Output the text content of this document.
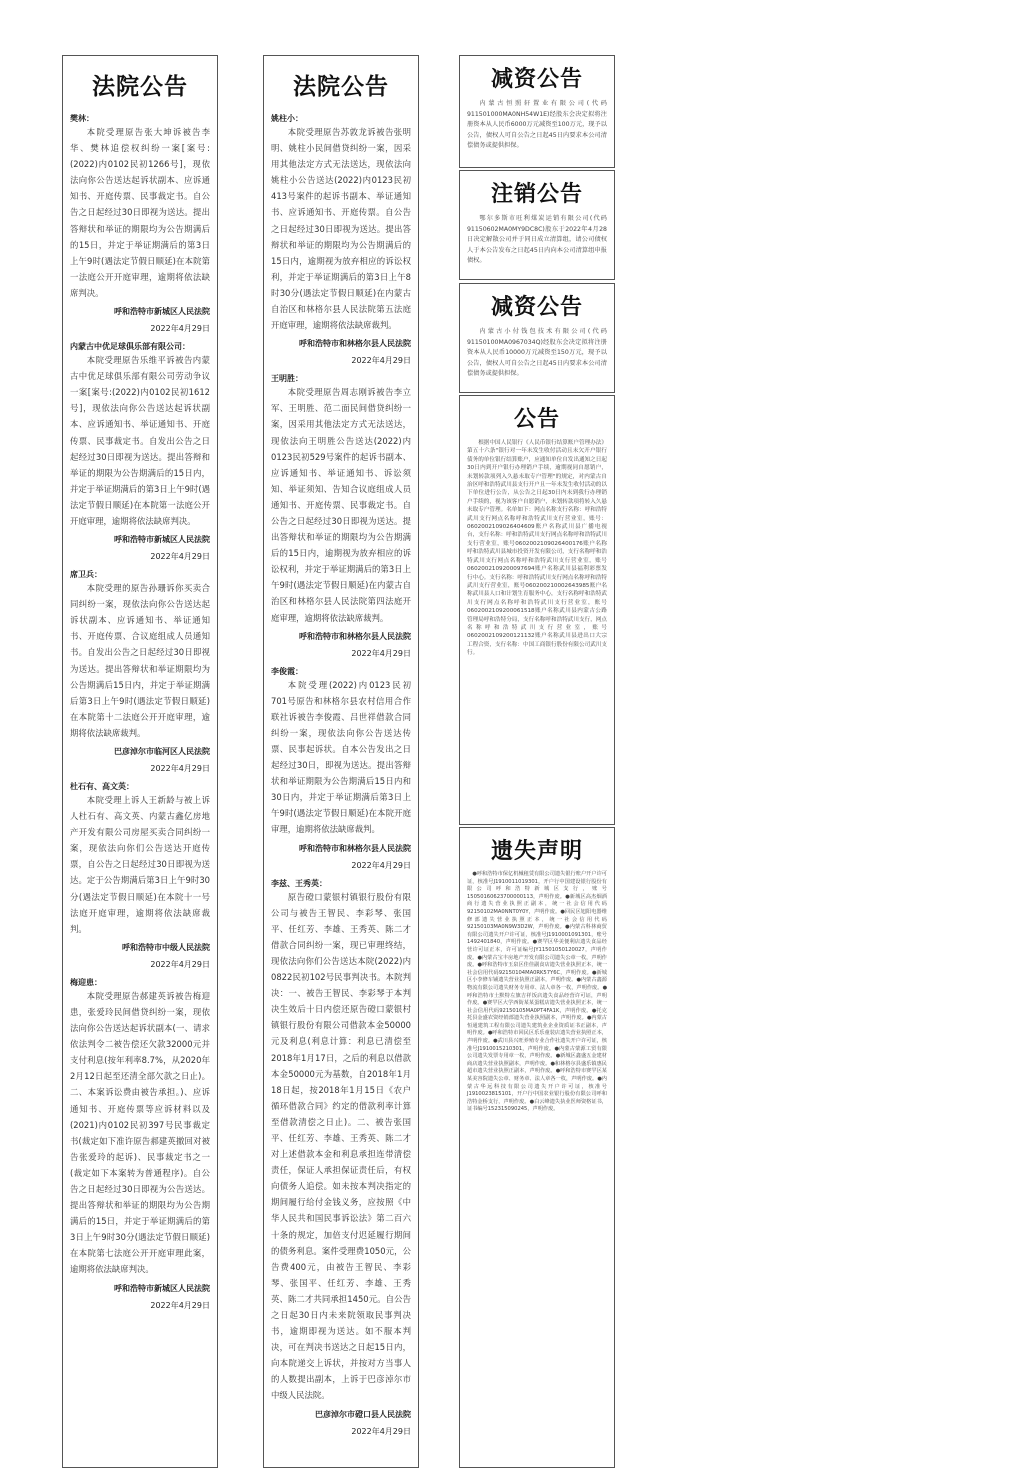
法院公告
樊林：
本院受理原告张大坤诉被告李华、樊林追偿权纠纷一案[案号:(2022)内0102民初1266号]，现依法向你公告送达起诉状副本、应诉通知书、开庭传票、民事裁定书。自公告之日起经过30日即视为送达。提出答辩状和举证的期限均为公告期满后的15日，并定于举证期满后的第3日上午9时(遇法定节假日顺延)在本院第一法庭公开开庭审理，逾期将依法缺席判决。
呼和浩特市新城区人民法院
2022年4月29日
内蒙古中优足球俱乐部有限公司：
本院受理原告乐维平诉被告内蒙古中优足球俱乐部有限公司劳动争议一案[案号:(2022)内0102民初1612号]，现依法向你公告送达起诉状副本、应诉通知书、举证通知书、开庭传票、民事裁定书。自发出公告之日起经过30日即视为送达。提出答辩和举证的期限为公告期满后的15日内，并定于举证期满后的第3日上午9时(遇法定节假日顺延)在本院第一法庭公开开庭审理，逾期将依法缺席判决。
呼和浩特市新城区人民法院
2022年4月29日
席卫兵：
本院受理的原告孙珊诉你买卖合同纠纷一案，现依法向你公告送达起诉状副本、应诉通知书、举证通知书、开庭传票、合议庭组成人员通知书。自发出公告之日起经过30日即视为送达。提出答辩状和举证期限均为公告期满后15日内，并定于举证期满后第3日上午9时(遇法定节假日顺延)在本院第十二法庭公开开庭审理，逾期将依法缺席裁判。
巴彦淖尔市临河区人民法院
2022年4月29日
杜石有、高文英：
本院受理上诉人王新龄与被上诉人杜石有、高文英、内蒙古鑫亿房地产开发有限公司房屋买卖合同纠纷一案，现依法向你们公告送达开庭传票，自公告之日起经过30日即视为送达。定于公告期满后第3日上午9时30分(遇法定节假日顺延)在本院十一号法庭开庭审理，逾期将依法缺席裁判。
呼和浩特市中级人民法院
2022年4月29日
梅迎患：
本院受理原告郝建英诉被告梅迎患，张爱玲民间借贷纠纷一案，现依法向你公告送达起诉状副本(一、请求依法判令二被告偿还欠款32000元并支付利息(按年利率8.7%，从2020年2月12日起至还清全部欠款之日止)。二、本案诉讼费由被告承担。)、应诉通知书、开庭传票等应诉材料以及(2021)内0102民初397号民事裁定书(裁定如下准许原告郝建英撤回对被告张爱玲的起诉)、民事裁定书之一(裁定如下本案转为普通程序)。自公告之日起经过30日即视为公告送达。提出答辩状和举证的期限均为公告期满后的15日，并定于举证期满后的第3日上午9时30分(遇法定节假日顺延)在本院第七法庭公开开庭审理此案，逾期将依法缺席判决。
呼和浩特市新城区人民法院
2022年4月29日
法院公告
姚柱小：
本院受理原告苏敦龙诉被告张明明、姚柱小民间借贷纠纷一案，因采用其他法定方式无法送达，现依法向姚柱小公告送达(2022)内0123民初413号案件的起诉书副本、举证通知书、应诉通知书、开庭传票。自公告之日起经过30日即视为送达。提出答辩状和举证的期限均为公告期满后的15日内，逾期视为放弃相应的诉讼权利，并定于举证期满后的第3日上午8时30分(遇法定节假日顺延)在内蒙古自治区和林格尔县人民法院第五法庭开庭审理，逾期将依法缺席裁判。
呼和浩特市和林格尔县人民法院
2022年4月29日
王明胜：
本院受理原告周志刚诉被告李立军、王明胜、范二面民间借贷纠纷一案，因采用其他法定方式无法送达，现依法向王明胜公告送达(2022)内0123民初529号案件的起诉书副本、应诉通知书、举证通知书、诉讼须知、举证须知、告知合议庭组成人员通知书、开庭传票、民事裁定书。自公告之日起经过30日即视为送达。提出答辩状和举证的期限均为公告期满后的15日内，逾期视为放弃相应的诉讼权利，并定于举证期满后的第3日上午9时(遇法定节假日顺延)在内蒙古自治区和林格尔县人民法院第四法庭开庭审理，逾期将依法缺席裁判。
呼和浩特市和林格尔县人民法院
2022年4月29日
李俊霞：
本院受理(2022)内0123民初701号原告和林格尔县农村信用合作联社诉被告李俊霞、吕世祥借款合同纠纷一案，现依法向你公告送达传票、民事起诉状。自本公告发出之日起经过30日，即视为送达。提出答辩状和举证期限为公告期满后15日内和30日内，并定于举证期满后第3日上午9时(遇法定节假日顺延)在本院开庭审理，逾期将依法缺席裁判。
呼和浩特市和林格尔县人民法院
2022年4月29日
李兹、王秀英：
原告磴口蒙银村镇银行股份有限公司与被告王智民、李彩琴、张国平、任红芳、李雄、王秀英、陈二才借款合同纠纷一案，现已审理终结，现依法向你们公告送达本院(2022)内0822民初102号民事判决书。本院判决：一、被告王智民、李彩琴于本判决生效后十日内偿还原告磴口蒙银村镇银行股份有限公司借款本金50000元及利息(利息计算：利息已清偿至2018年1月17日，之后的利息以借款本金50000元为基数，自2018年1月18日起，按2018年1月15日《农户循环借款合同》约定的借款利率计算至借款清偿之日止)。二、被告张国平、任红芳、李雄、王秀英、陈二才对上述借款本金和利息承担连带清偿责任，保证人承担保证责任后，有权向债务人追偿。如未按本判决指定的期间履行给付金钱义务，应按照《中华人民共和国民事诉讼法》第二百六十条的规定，加倍支付迟延履行期间的债务利息。案件受理费1050元，公告费400元，由被告王智民、李彩琴、张国平、任红芳、李雄、王秀英、陈二才共同承担1450元。自公告之日起30日内未来院领取民事判决书，逾期即视为送达。如不服本判决，可在判决书送达之日起15日内，向本院递交上诉状，并按对方当事人的人数提出副本，上诉于巴彦淖尔市中级人民法院。
巴彦淖尔市磴口县人民法院
2022年4月29日
减资公告
内蒙古恒照轩置业有限公司(代码911501000MA0NH54W1E)经股东会决定拟将注册资本从人民币6000万元减资至100万元，现予以公告，债权人可自公告之日起45日内要求本公司清偿债务或提供担保。
注销公告
鄂尔多斯市旺利煤炭运销有限公司(代码91150602MA0MY9DC8C)股东于2022年4月28日决定解散公司并于同日成立清算组，请公司债权人于本公告发布之日起45日内向本公司清算组申报债权。
减资公告
内蒙古小付钱包技术有限公司(代码91150100MA0967034Q)经股东会决定拟将注册资本从人民币10000万元减资至150万元，现予以公告，债权人可自公告之日起45日内要求本公司清偿债务或提供担保。
公告
根据中国人民银行《人民币银行结算账户管理办法》第五十六条"银行对一年未发生收付活动且未欠开户银行债务的单位银行结算账户，应通知单位自发出通知之日起30日内到开户银行办理销户手续，逾期视同自愿销户，未划转款项列入久悬未取专户管理"的规定，对内蒙古自治区呼和浩特武川县支行开户且一年未发生收付活动的以下单位进行公告，从公告之日起30日内未到我行办理销户手续的，视为该客户自愿销户，未划转款项将转入久悬未取专户管理。名单如下：网点名称支行名称：呼和浩特武川支行网点名称呼和浩特武川支行营业室，账号：060200210902640​4609账户名称武川县广播电视台，支行名称：呼和浩特武川支行网点名称呼和浩特武川支行营业室，账号06020021090264​00176账户名称呼和浩特武川县城市投资开发有限公司，支行名称呼和浩特武川支行网点名称呼和浩特武川支行营业室，账号06020021092000​97694账户名称武川县福利彩票发行中心。支行名称：呼和浩特武川支行网点名称呼和浩特武川支行营业室，账号060200210002​643985账户名称武川县人口和计划生育服务中心，支行名称呼和浩特武川支行网点名称呼和浩特武川支行营业室，账号060200210920006​1518账户名称武川县内蒙古公路管理局呼和浩特分局，支行名称呼和浩特武川支行，网点名称呼和浩特武川支行营业室，账号0602002109200121132账户名称武川县进出口大宗工程合资，支行名称：中国工商银行股份有限公司武川支行。
遗失声明
●呼和浩特市保亿机械租赁有限公司遗失银行账户开户许可证，核准号J1910011019301，开户行中国建设银行股份有限公司呼和浩特新城区支行，账号15050160623700000113，声明作废。●新城区高杰烟酒商行遗失营业执照正副本，统一社会信用代码92150102MA0NNT0Y0Y，声明作废。●回民区旭阳电器维修部遗失营业执照正本，统一社会信用代码92150103MA0N9W3D2W，声明作废。●内蒙古科林商贸有限公司遗失开户许可证，核准号J1910001091301，账号1492401840，声明作废。●赛罕区华美便利店遗失食品经营许可证正本，许可证编号JY11501050120027，声明作废。●内蒙古宝丰房地产开发有限公司遗失公章一枚，声明作废。●呼和浩特市玉泉区佳佳副食店遗失营业执照正本，统一社会信用代码92150104MA0RK57Y6C，声明作废。●新城区小李修车铺遗失营业执照正副本，声明作废。●内蒙古鑫源物流有限公司遗失财务专用章、法人章各一枚，声明作废。●呼和浩特市土默特左旗吉祥饭店遗失食品经营许可证，声明作废。●赛罕区大学西街某某蛋糕店遗失营业执照正本，统一社会信用代码92150105MA0PT4FA1K，声明作废。●托克托县金盛农资经销部遗失营业执照副本，声明作废。●内蒙古恒通建筑工程有限公司遗失建筑业企业资质证书正副本，声明作废。●呼和浩特市回民区乐乐童装店遗失营业执照正本，声明作废。●武川县兴旺养殖专业合作社遗失开户许可证，核准号J1910015210301，声明作废。●内蒙古蒙源工贸有限公司遗失发票专用章一枚，声明作废。●新城区鑫盛五金建材商店遗失营业执照副本，声明作废。●和林格尔县盛乐镇惠民超市遗失营业执照正副本，声明作废。●呼和浩特市赛罕区某某美容院遗失公章、财务章、法人章各一枚，声明作废。●内蒙古华远科技有限公司遗失开户许可证，核准号J1910023815101，开户行中国农业银行股份有限公司呼和浩特金桥支行，声明作废。●白云峰遗失执业医师资格证书，证书编号152315090245，声明作废。
